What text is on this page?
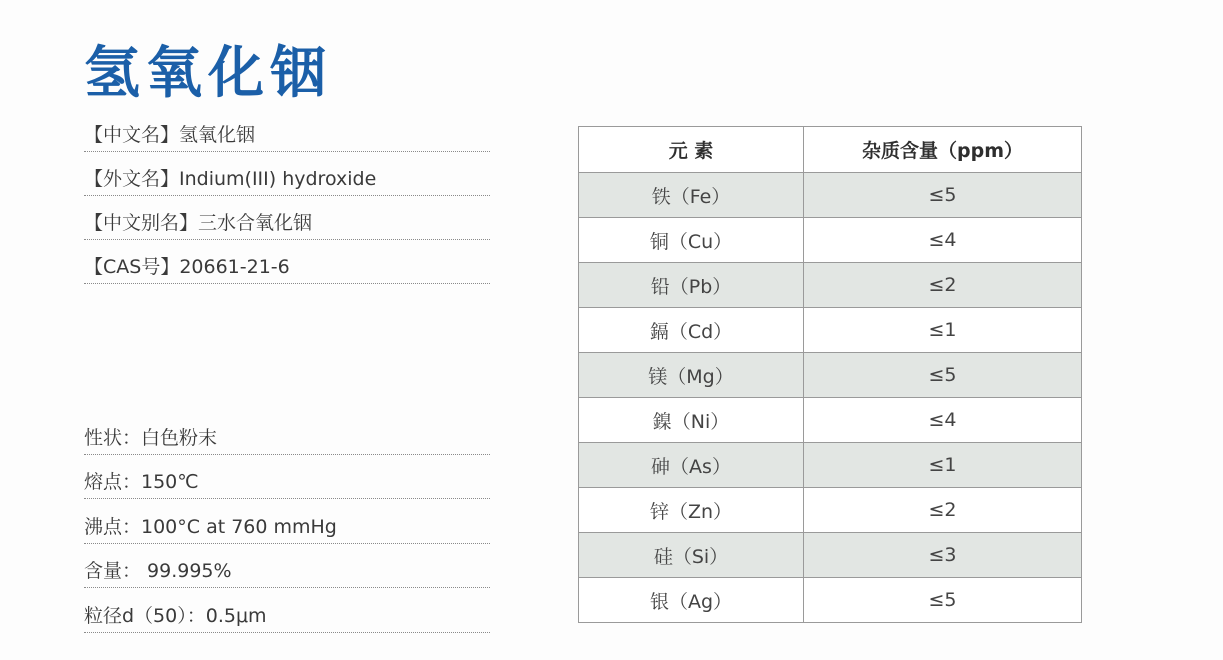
氢氧化铟
【中文名】氢氧化铟
【外文名】Indium(III) hydroxide
【中文别名】三水合氧化铟
【CAS号】20661-21-6
性状：白色粉末
熔点：150℃
沸点：100°C at 760 mmHg
含量： 99.995%
粒径d（50）：0.5μm
元 素	杂质含量（ppm）
铁（Fe）	≤5
铜（Cu）	≤4
铅（Pb）	≤2
鎘（Cd）	≤1
镁（Mg）	≤5
鎳（Ni）	≤4
砷（As）	≤1
锌（Zn）	≤2
硅（Si）	≤3
银（Ag）	≤5
